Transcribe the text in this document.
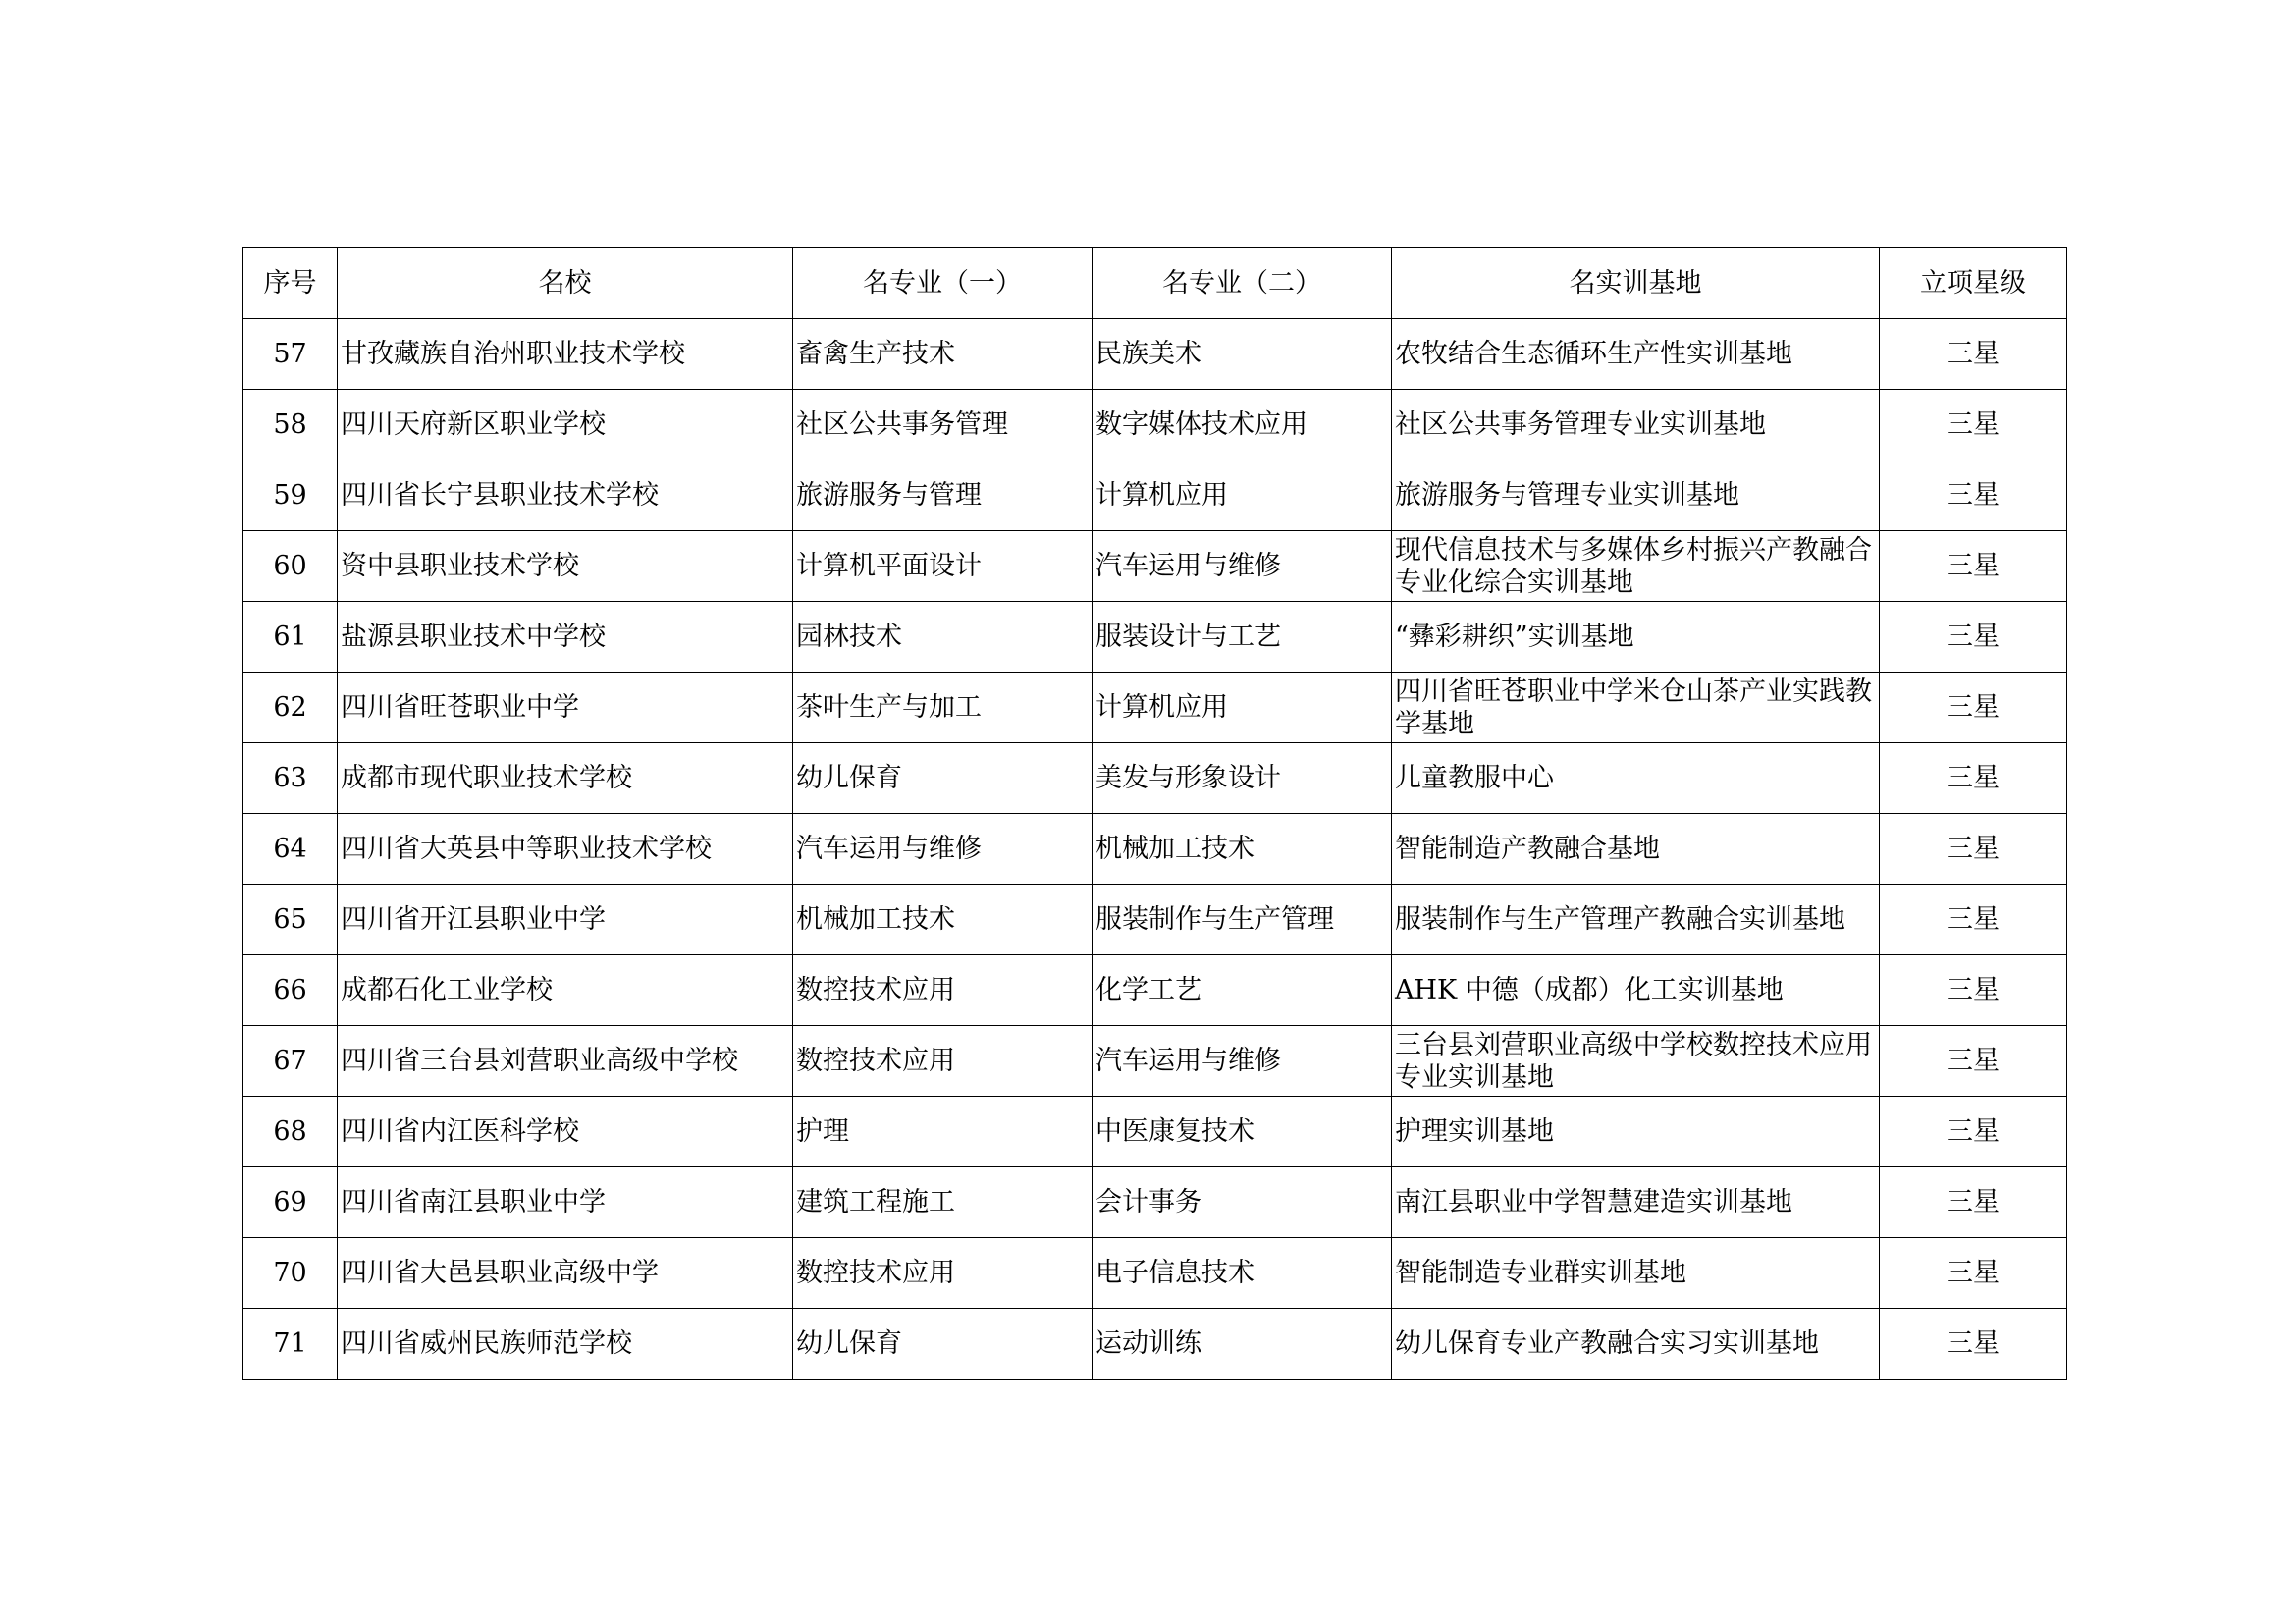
序号	名校	名专业（一）	名专业（二）	名实训基地	立项星级
57	甘孜藏族自治州职业技术学校	畜禽生产技术	民族美术	农牧结合生态循环生产性实训基地	三星
58	四川天府新区职业学校	社区公共事务管理	数字媒体技术应用	社区公共事务管理专业实训基地	三星
59	四川省长宁县职业技术学校	旅游服务与管理	计算机应用	旅游服务与管理专业实训基地	三星
60	资中县职业技术学校	计算机平面设计	汽车运用与维修	现代信息技术与多媒体乡村振兴产教融合专业化综合实训基地	三星
61	盐源县职业技术中学校	园林技术	服装设计与工艺	“彝彩耕织”实训基地	三星
62	四川省旺苍职业中学	茶叶生产与加工	计算机应用	四川省旺苍职业中学米仓山茶产业实践教学基地	三星
63	成都市现代职业技术学校	幼儿保育	美发与形象设计	儿童教服中心	三星
64	四川省大英县中等职业技术学校	汽车运用与维修	机械加工技术	智能制造产教融合基地	三星
65	四川省开江县职业中学	机械加工技术	服装制作与生产管理	服装制作与生产管理产教融合实训基地	三星
66	成都石化工业学校	数控技术应用	化学工艺	AHK 中德（成都）化工实训基地	三星
67	四川省三台县刘营职业高级中学校	数控技术应用	汽车运用与维修	三台县刘营职业高级中学校数控技术应用专业实训基地	三星
68	四川省内江医科学校	护理	中医康复技术	护理实训基地	三星
69	四川省南江县职业中学	建筑工程施工	会计事务	南江县职业中学智慧建造实训基地	三星
70	四川省大邑县职业高级中学	数控技术应用	电子信息技术	智能制造专业群实训基地	三星
71	四川省威州民族师范学校	幼儿保育	运动训练	幼儿保育专业产教融合实习实训基地	三星
